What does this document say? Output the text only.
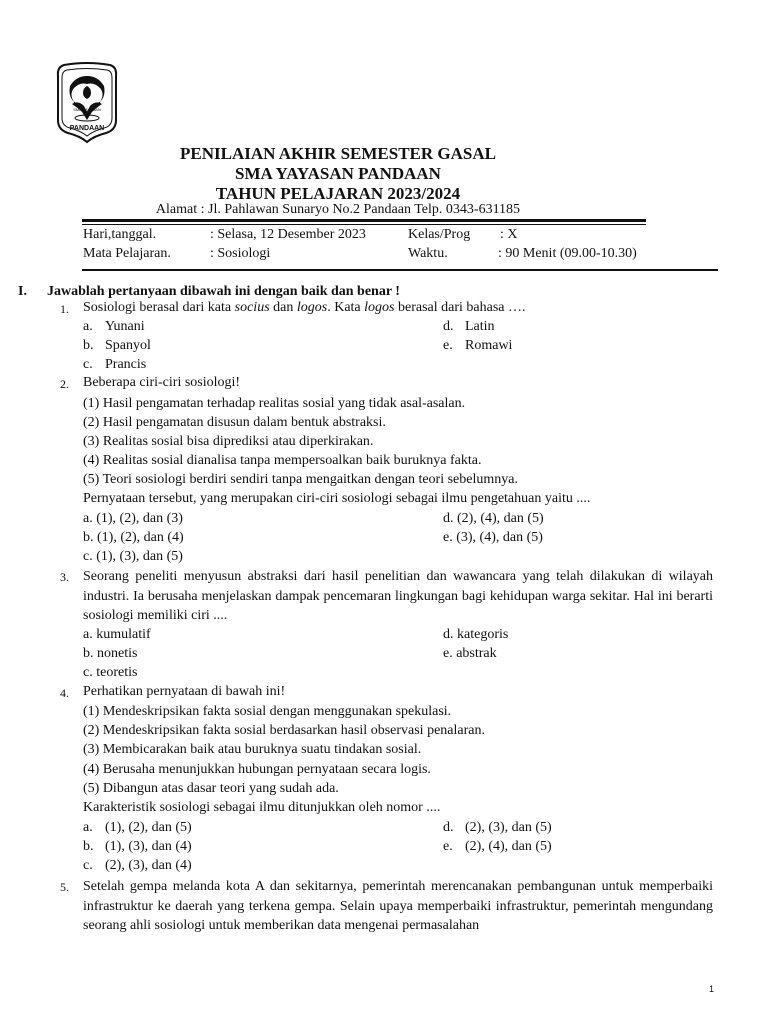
SMA YAYASAN
PANDAAN
PENILAIAN AKHIR SEMESTER GASAL
SMA YAYASAN PANDAAN
TAHUN PELAJARAN 2023/2024
Alamat : Jl. Pahlawan Sunaryo No.2 Pandaan Telp. 0343-631185
Hari,tanggal.	: Selasa, 12 Desember 2023	Kelas/Prog : X
Mata Pelajaran.	: Sosiologi	Waktu.	: 90 Menit (09.00-10.30)
I. Jawablah pertanyaan dibawah ini dengan baik dan benar !
1. Sosiologi berasal dari kata socius dan logos. Kata logos berasal dari bahasa ….
a. Yunani
b. Spanyol
c. Prancis
d. Latin
e. Romawi
2. Beberapa ciri-ciri sosiologi!
(1) Hasil pengamatan terhadap realitas sosial yang tidak asal-asalan.
(2) Hasil pengamatan disusun dalam bentuk abstraksi.
(3) Realitas sosial bisa diprediksi atau diperkirakan.
(4) Realitas sosial dianalisa tanpa mempersoalkan baik buruknya fakta.
(5) Teori sosiologi berdiri sendiri tanpa mengaitkan dengan teori sebelumnya.
Pernyataan tersebut, yang merupakan ciri-ciri sosiologi sebagai ilmu pengetahuan yaitu ....
a. (1), (2), dan (3)
b. (1), (2), dan (4)
c. (1), (3), dan (5)
d. (2), (4), dan (5)
e. (3), (4), dan (5)
3. Seorang peneliti menyusun abstraksi dari hasil penelitian dan wawancara yang telah dilakukan di wilayah industri. Ia berusaha menjelaskan dampak pencemaran lingkungan bagi kehidupan warga sekitar. Hal ini berarti sosiologi memiliki ciri ....
a. kumulatif
b. nonetis
c. teoretis
d. kategoris
e. abstrak
4. Perhatikan pernyataan di bawah ini!
(1) Mendeskripsikan fakta sosial dengan menggunakan spekulasi.
(2) Mendeskripsikan fakta sosial berdasarkan hasil observasi penalaran.
(3) Membicarakan baik atau buruknya suatu tindakan sosial.
(4) Berusaha menunjukkan hubungan pernyataan secara logis.
(5) Dibangun atas dasar teori yang sudah ada.
Karakteristik sosiologi sebagai ilmu ditunjukkan oleh nomor ....
a. (1), (2), dan (5)
b. (1), (3), dan (4)
c. (2), (3), dan (4)
d. (2), (3), dan (5)
e. (2), (4), dan (5)
5. Setelah gempa melanda kota A dan sekitarnya, pemerintah merencanakan pembangunan untuk memperbaiki infrastruktur ke daerah yang terkena gempa. Selain upaya memperbaiki infrastruktur, pemerintah mengundang seorang ahli sosiologi untuk memberikan data mengenai permasalahan
1
